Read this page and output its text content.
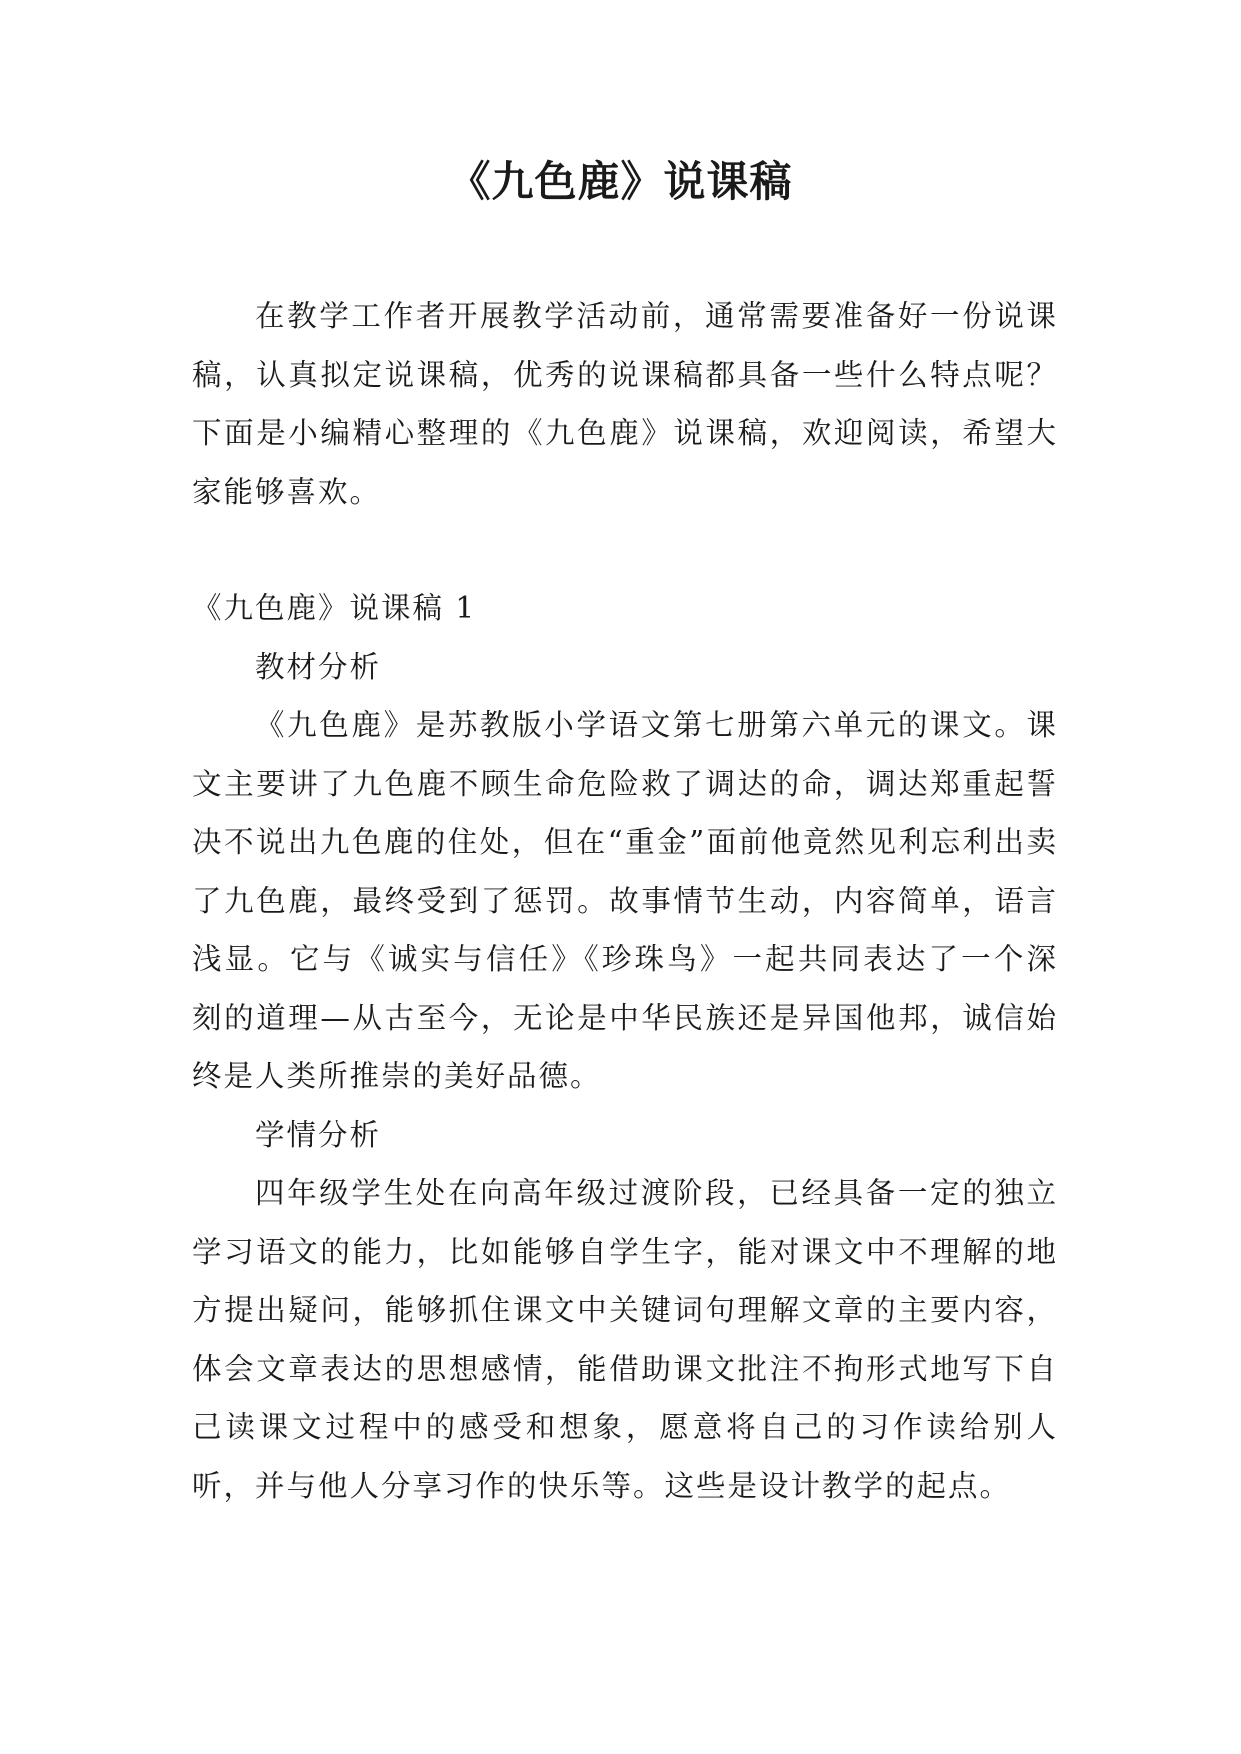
《九色鹿》说课稿

在教学工作者开展教学活动前，通常需要准备好一份说课稿，认真拟定说课稿，优秀的说课稿都具备一些什么特点呢？下面是小编精心整理的《九色鹿》说课稿，欢迎阅读，希望大家能够喜欢。

《九色鹿》说课稿 1

教材分析

《九色鹿》是苏教版小学语文第七册第六单元的课文。课文主要讲了九色鹿不顾生命危险救了调达的命，调达郑重起誓决不说出九色鹿的住处，但在“重金”面前他竟然见利忘利出卖了九色鹿，最终受到了惩罚。故事情节生动，内容简单，语言浅显。它与《诚实与信任》《珍珠鸟》一起共同表达了一个深刻的道理—从古至今，无论是中华民族还是异国他邦，诚信始终是人类所推崇的美好品德。

学情分析

四年级学生处在向高年级过渡阶段，已经具备一定的独立学习语文的能力，比如能够自学生字，能对课文中不理解的地方提出疑问，能够抓住课文中关键词句理解文章的主要内容，体会文章表达的思想感情，能借助课文批注不拘形式地写下自己读课文过程中的感受和想象，愿意将自己的习作读给别人听，并与他人分享习作的快乐等。这些是设计教学的起点。
